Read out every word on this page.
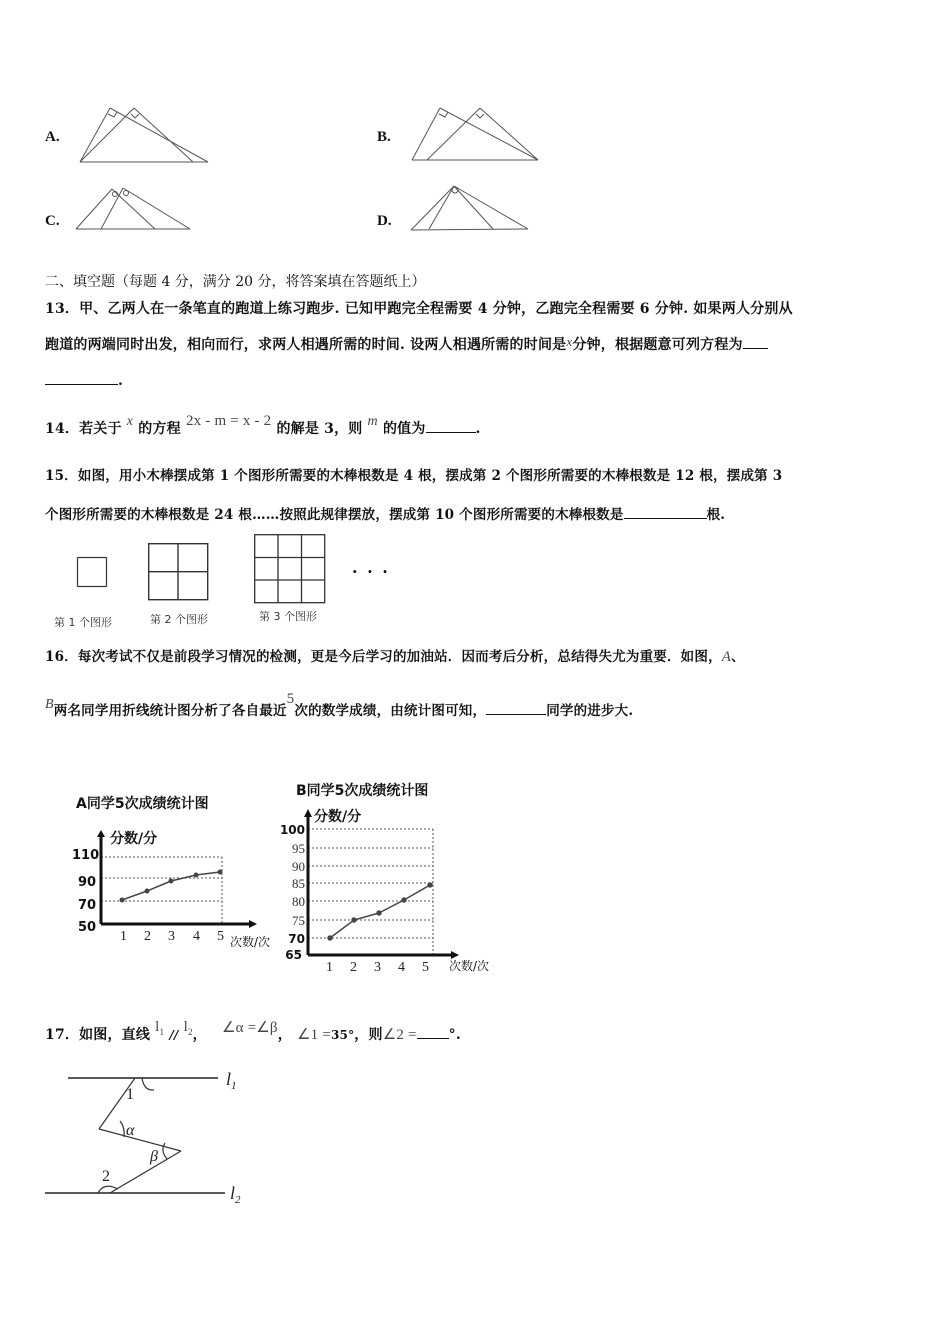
A.	B.
C.	D.
二、填空题（每题 4 分，满分 20 分，将答案填在答题纸上）
13．甲、乙两人在一条笔直的跑道上练习跑步. 已知甲跑完全程需要 4 分钟，乙跑完全程需要 6 分钟. 如果两人分别从
跑道的两端同时出发，相向而行，求两人相遇所需的时间. 设两人相遇所需的时间是x分钟，根据题意可列方程为
.
14．若关于 x 的方程 2x - m = x - 2 的解是 3，则 m 的值为	.
15．如图，用小木棒摆成第 1 个图形所需要的木棒根数是 4 根，摆成第 2 个图形所需要的木棒根数是 12 根，摆成第 3
个图形所需要的木棒根数是 24 根……按照此规律摆放，摆成第 10 个图形所需要的木棒根数是	根.
· · ·
第 1 个图形	第 2 个图形	第 3 个图形
16．每次考试不仅是前段学习情况的检测，更是今后学习的加油站．因而考后分析，总结得失尤为重要．如图，A、
B两名同学用折线统计图分析了各自最近5次的数学成绩，由统计图可知，	同学的进步大.
A同学5次成绩统计图
分数/分
110
90
70
50
次数/次
1 2 3 4 5
B同学5次成绩统计图
分数/分
100
95
90
85
80
75
70
65
1 2 3 4 5 次数/次
17．如图，直线 $l_1 // l_2$， ∠α =∠β， ∠1 =35°，则∠2 = °.
1
α
β
2
$l_1$
$l_2$
